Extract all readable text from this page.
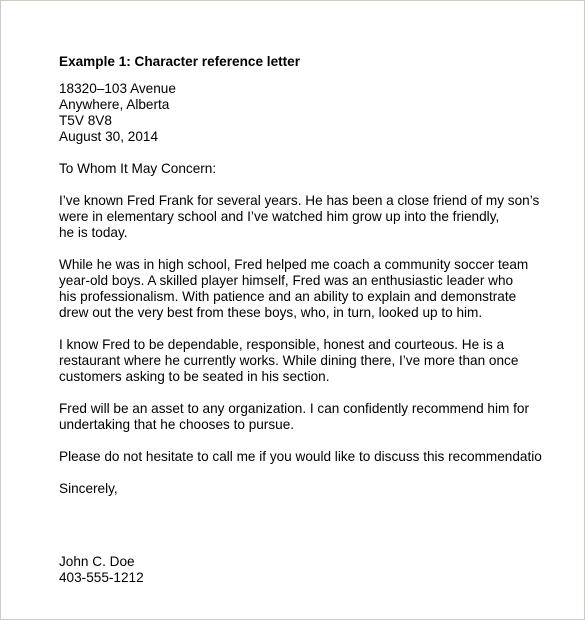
Example 1: Character reference letter
18320–103 Avenue
Anywhere, Alberta
T5V 8V8
August 30, 2014
To Whom It May Concern:
I’ve known Fred Frank for several years. He has been a close friend of my son’s
were in elementary school and I’ve watched him grow up into the friendly,
he is today.
While he was in high school, Fred helped me coach a community soccer team
year-old boys. A skilled player himself, Fred was an enthusiastic leader who
his professionalism. With patience and an ability to explain and demonstrate
drew out the very best from these boys, who, in turn, looked up to him.
I know Fred to be dependable, responsible, honest and courteous. He is a
restaurant where he currently works. While dining there, I’ve more than once
customers asking to be seated in his section.
Fred will be an asset to any organization. I can confidently recommend him for
undertaking that he chooses to pursue.
Please do not hesitate to call me if you would like to discuss this recommendatio
Sincerely,
John C. Doe
403-555-1212
